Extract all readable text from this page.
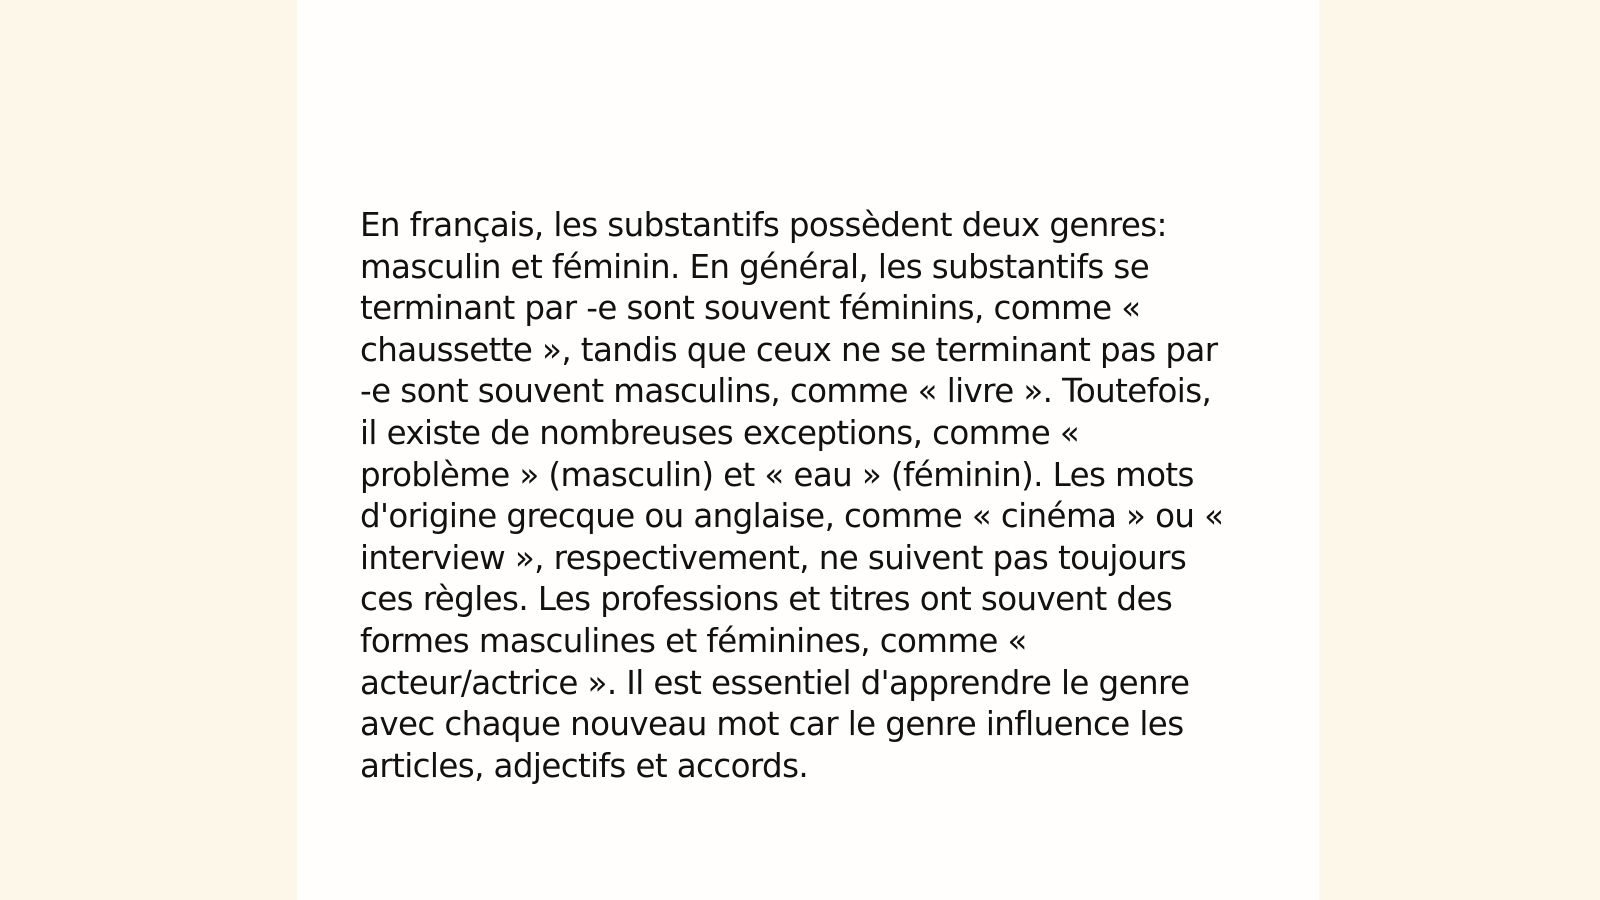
En français, les substantifs possèdent deux genres:
masculin et féminin. En général, les substantifs se
terminant par -e sont souvent féminins, comme «
chaussette », tandis que ceux ne se terminant pas par
-e sont souvent masculins, comme « livre ». Toutefois,
il existe de nombreuses exceptions, comme «
problème » (masculin) et « eau » (féminin). Les mots
d'origine grecque ou anglaise, comme « cinéma » ou «
interview », respectivement, ne suivent pas toujours
ces règles. Les professions et titres ont souvent des
formes masculines et féminines, comme «
acteur/actrice ». Il est essentiel d'apprendre le genre
avec chaque nouveau mot car le genre influence les
articles, adjectifs et accords.
